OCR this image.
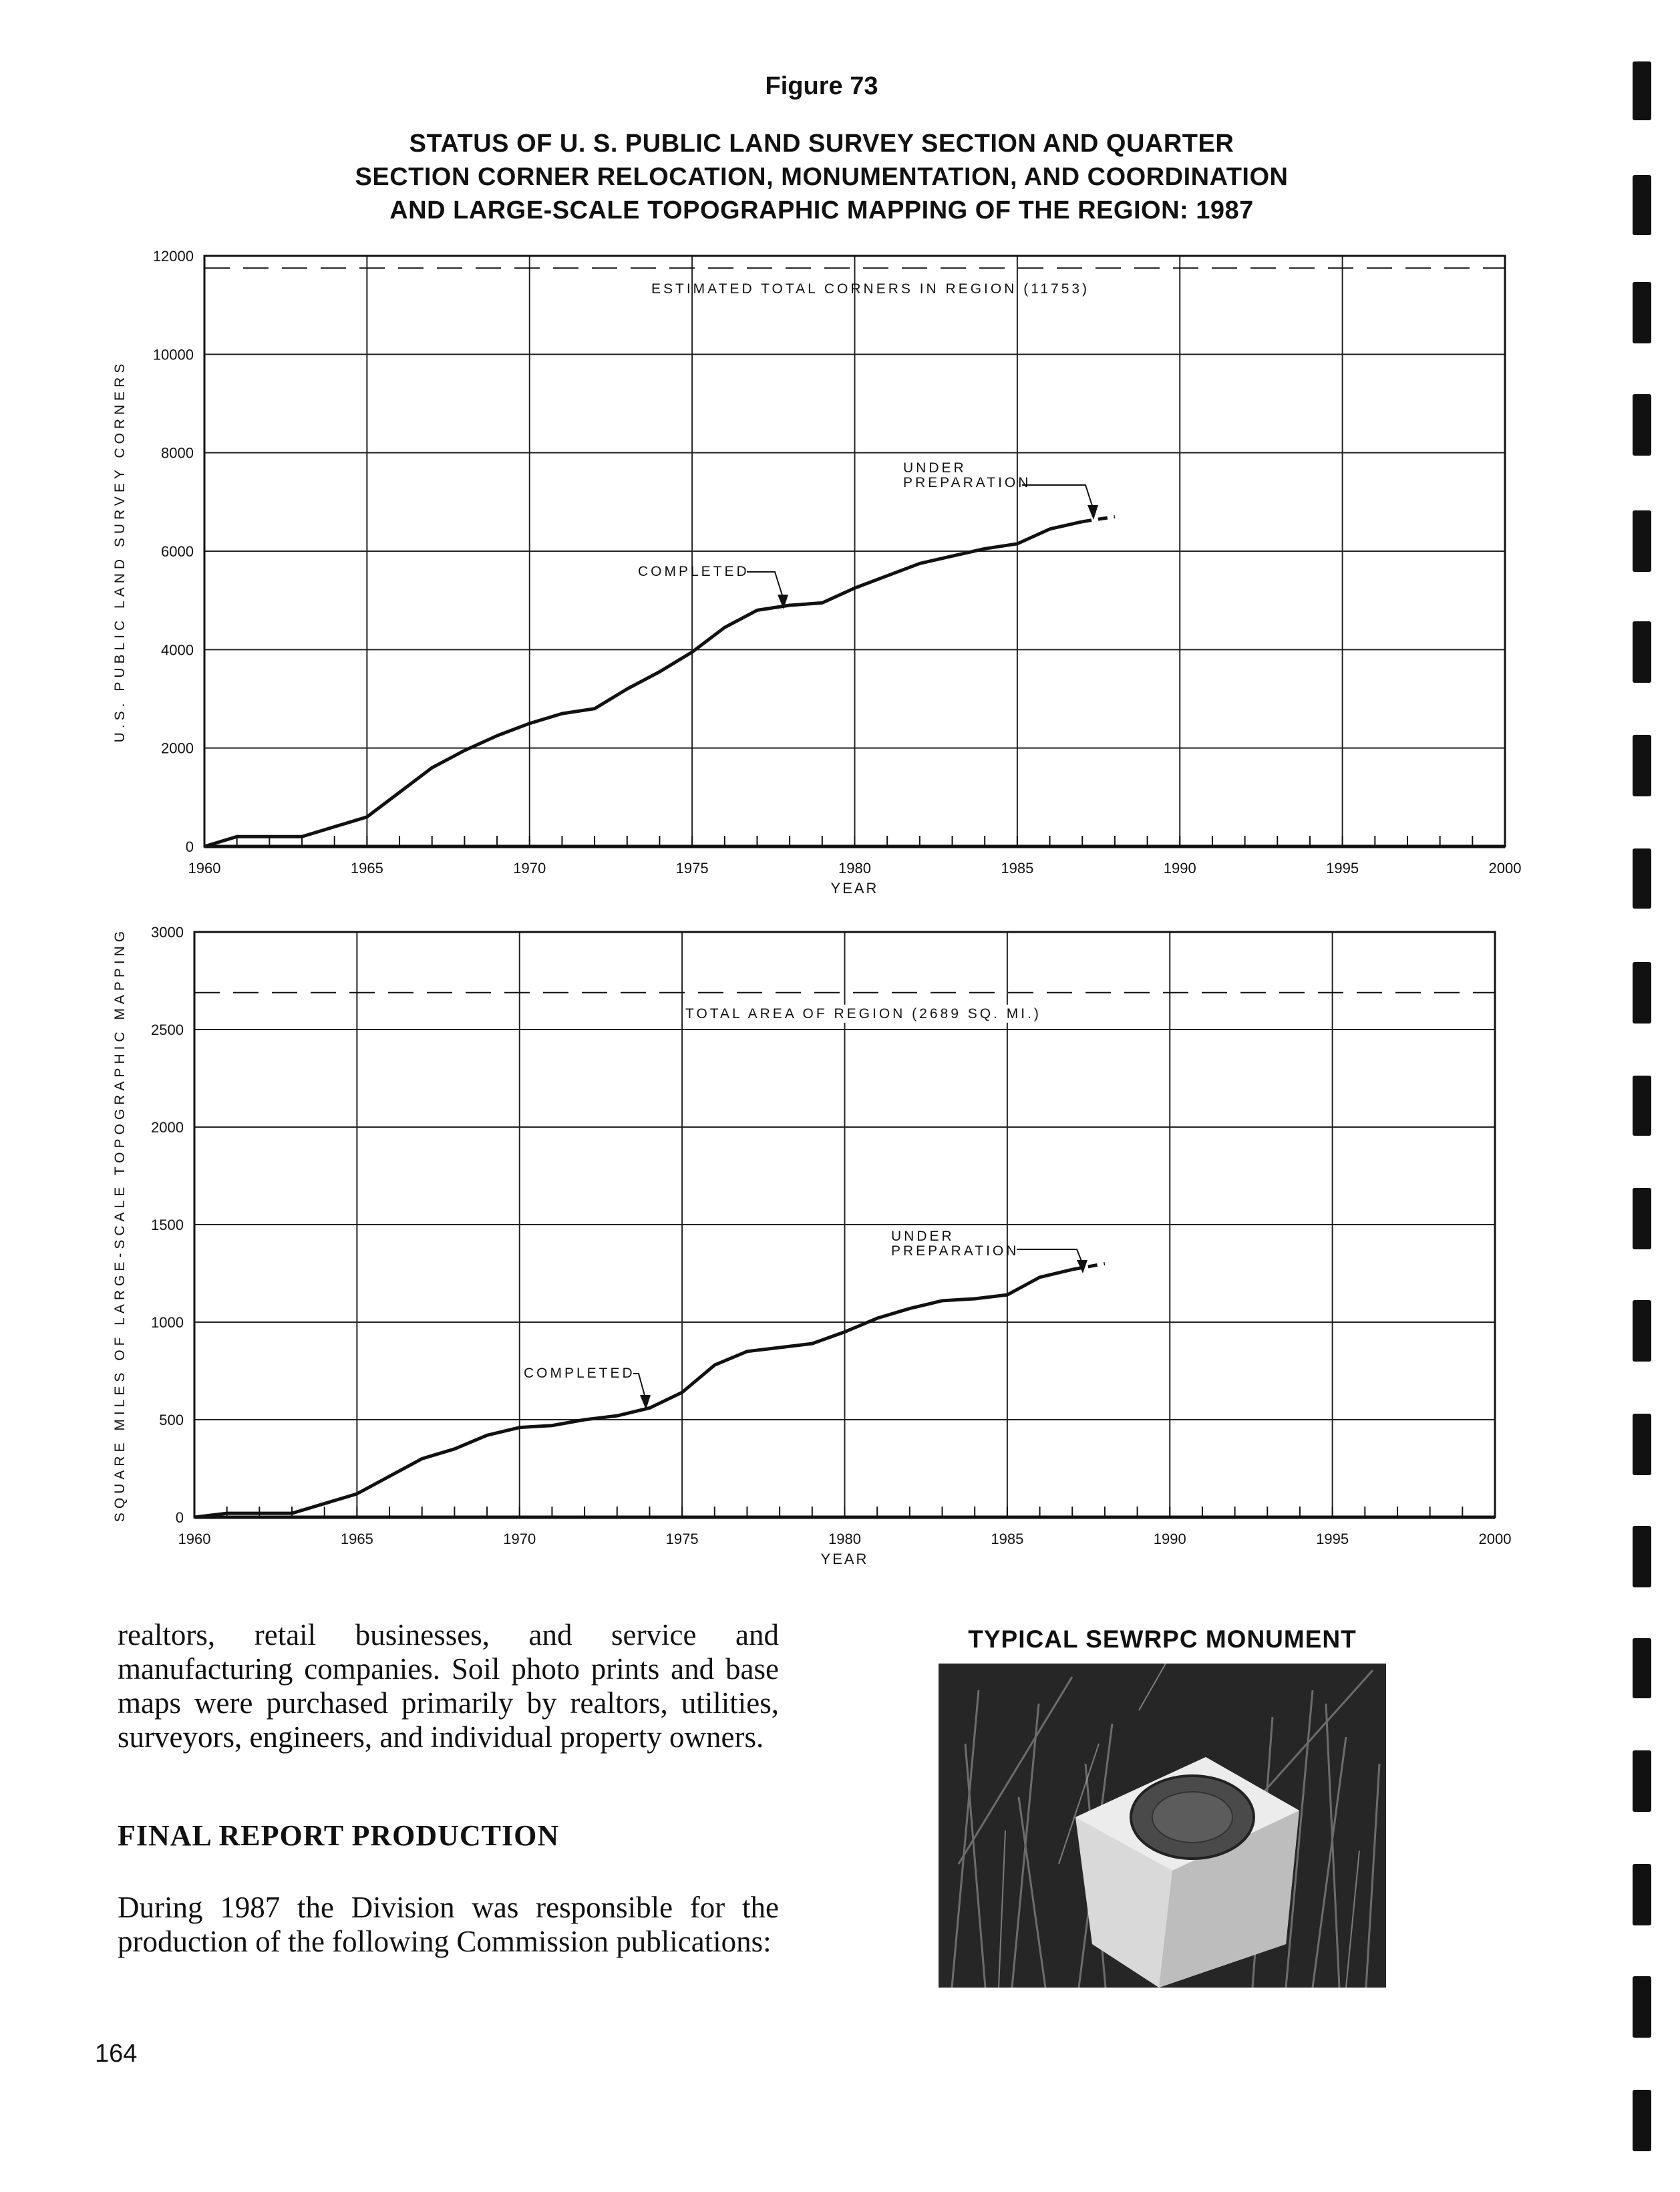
Figure 73
STATUS OF U. S. PUBLIC LAND SURVEY SECTION AND QUARTER
SECTION CORNER RELOCATION, MONUMENTATION, AND COORDINATION
AND LARGE-SCALE TOPOGRAPHIC MAPPING OF THE REGION: 1987
0
2000
4000
6000
8000
10000
12000
1960	1965	1970	1975	1980	1985	1990	1995	2000
YEAR
U.S. PUBLIC LAND SURVEY CORNERS
ESTIMATED TOTAL CORNERS IN REGION (11753)
COMPLETED
UNDER
PREPARATION
0
500
1000
1500
2000
2500
3000
1960	1965	1970	1975	1980	1985	1990	1995	2000
YEAR
SQUARE MILES OF LARGE-SCALE TOPOGRAPHIC MAPPING	TOTAL AREA OF REGION (2689 SQ. MI.)
COMPLETED
UNDER
PREPARATION
realtors, retail businesses, and service and manufacturing companies. Soil photo prints and base maps were purchased primarily by realtors, utilities, surveyors, engineers, and individual property owners.
FINAL REPORT PRODUCTION
During 1987 the Division was responsible for the production of the following Commission publications:
TYPICAL SEWRPC MONUMENT
164
